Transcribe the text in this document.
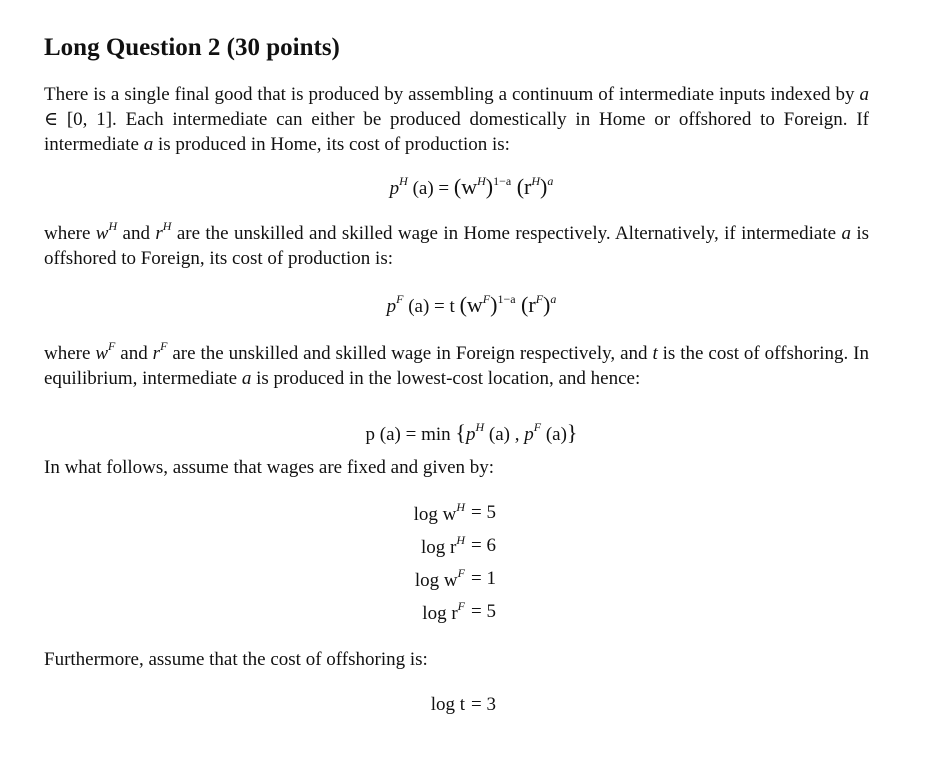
Long Question 2 (30 points)
There is a single final good that is produced by assembling a continuum of intermediate inputs indexed by a ∈ [0, 1]. Each intermediate can either be produced domestically in Home or offshored to Foreign. If intermediate a is produced in Home, its cost of production is:
$p^H$ $(a) = (w^H)^{1-a}$ $(r^H)^a$
where $w^H$ and $r^H$ are the unskilled and skilled wage in Home respectively. Alternatively, if intermediate a is offshored to Foreign, its cost of production is:
$p^F$ (a) = t $(w^F)^{1-a}$ $(r^F)^a$
where $w^F$ and $r^F$ are the unskilled and skilled wage in Foreign respectively, and t is the cost of offshoring. In equilibrium, intermediate a is produced in the lowest-cost location, and hence:
p $(a) = \min \{p^H$ (a) , $p^F$ (a)}
In what follows, assume that wages are fixed and given by:
$\log w^H = 5$
$\log r^H = 6$
$\log w^F = 1$
$\log r^F = 5$
Furthermore, assume that the cost of offshoring is:
log t = 3
